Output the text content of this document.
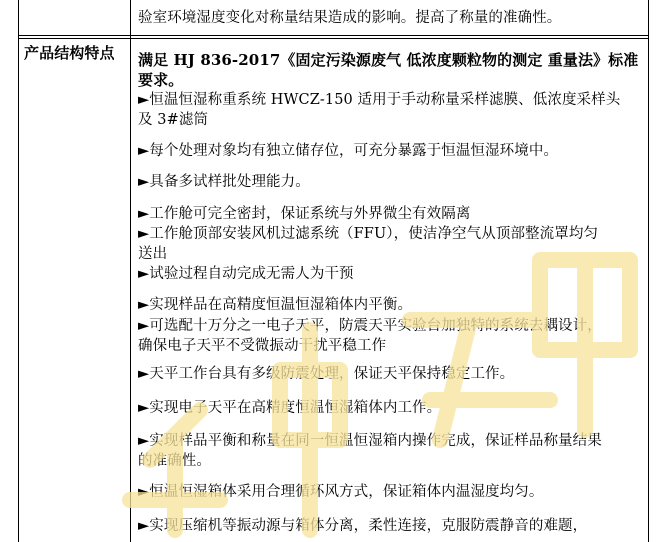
验室环境湿度变化对称量结果造成的影响。提高了称量的准确性。
产品结构特点 满足 HJ 836-2017《固定污染源废气 低浓度颗粒物的测定 重量法》标准
要求。
►恒温恒湿称重系统 HWCZ-150 适用于手动称量采样滤膜、低浓度采样头
及 3#滤筒
►每个处理对象均有独立储存位，可充分暴露于恒温恒湿环境中。
►具备多试样批处理能力。
►工作舱可完全密封，保证系统与外界微尘有效隔离
►工作舱顶部安装风机过滤系统（FFU），使洁净空气从顶部整流罩均匀
送出
►试验过程自动完成无需人为干预
►实现样品在高精度恒温恒湿箱体内平衡。
►可选配十万分之一电子天平，防震天平实验台加独特的系统去耦设计，
确保电子天平不受微振动干扰平稳工作
►天平工作台具有多级防震处理，保证天平保持稳定工作。
►实现电子天平在高精度恒温恒湿箱体内工作。
►实现样品平衡和称量在同一恒温恒湿箱内操作完成，保证样品称量结果
的准确性。
►恒温恒湿箱体采用合理循环风方式，保证箱体内温湿度均匀。
►实现压缩机等振动源与箱体分离，柔性连接，克服防震静音的难题，
